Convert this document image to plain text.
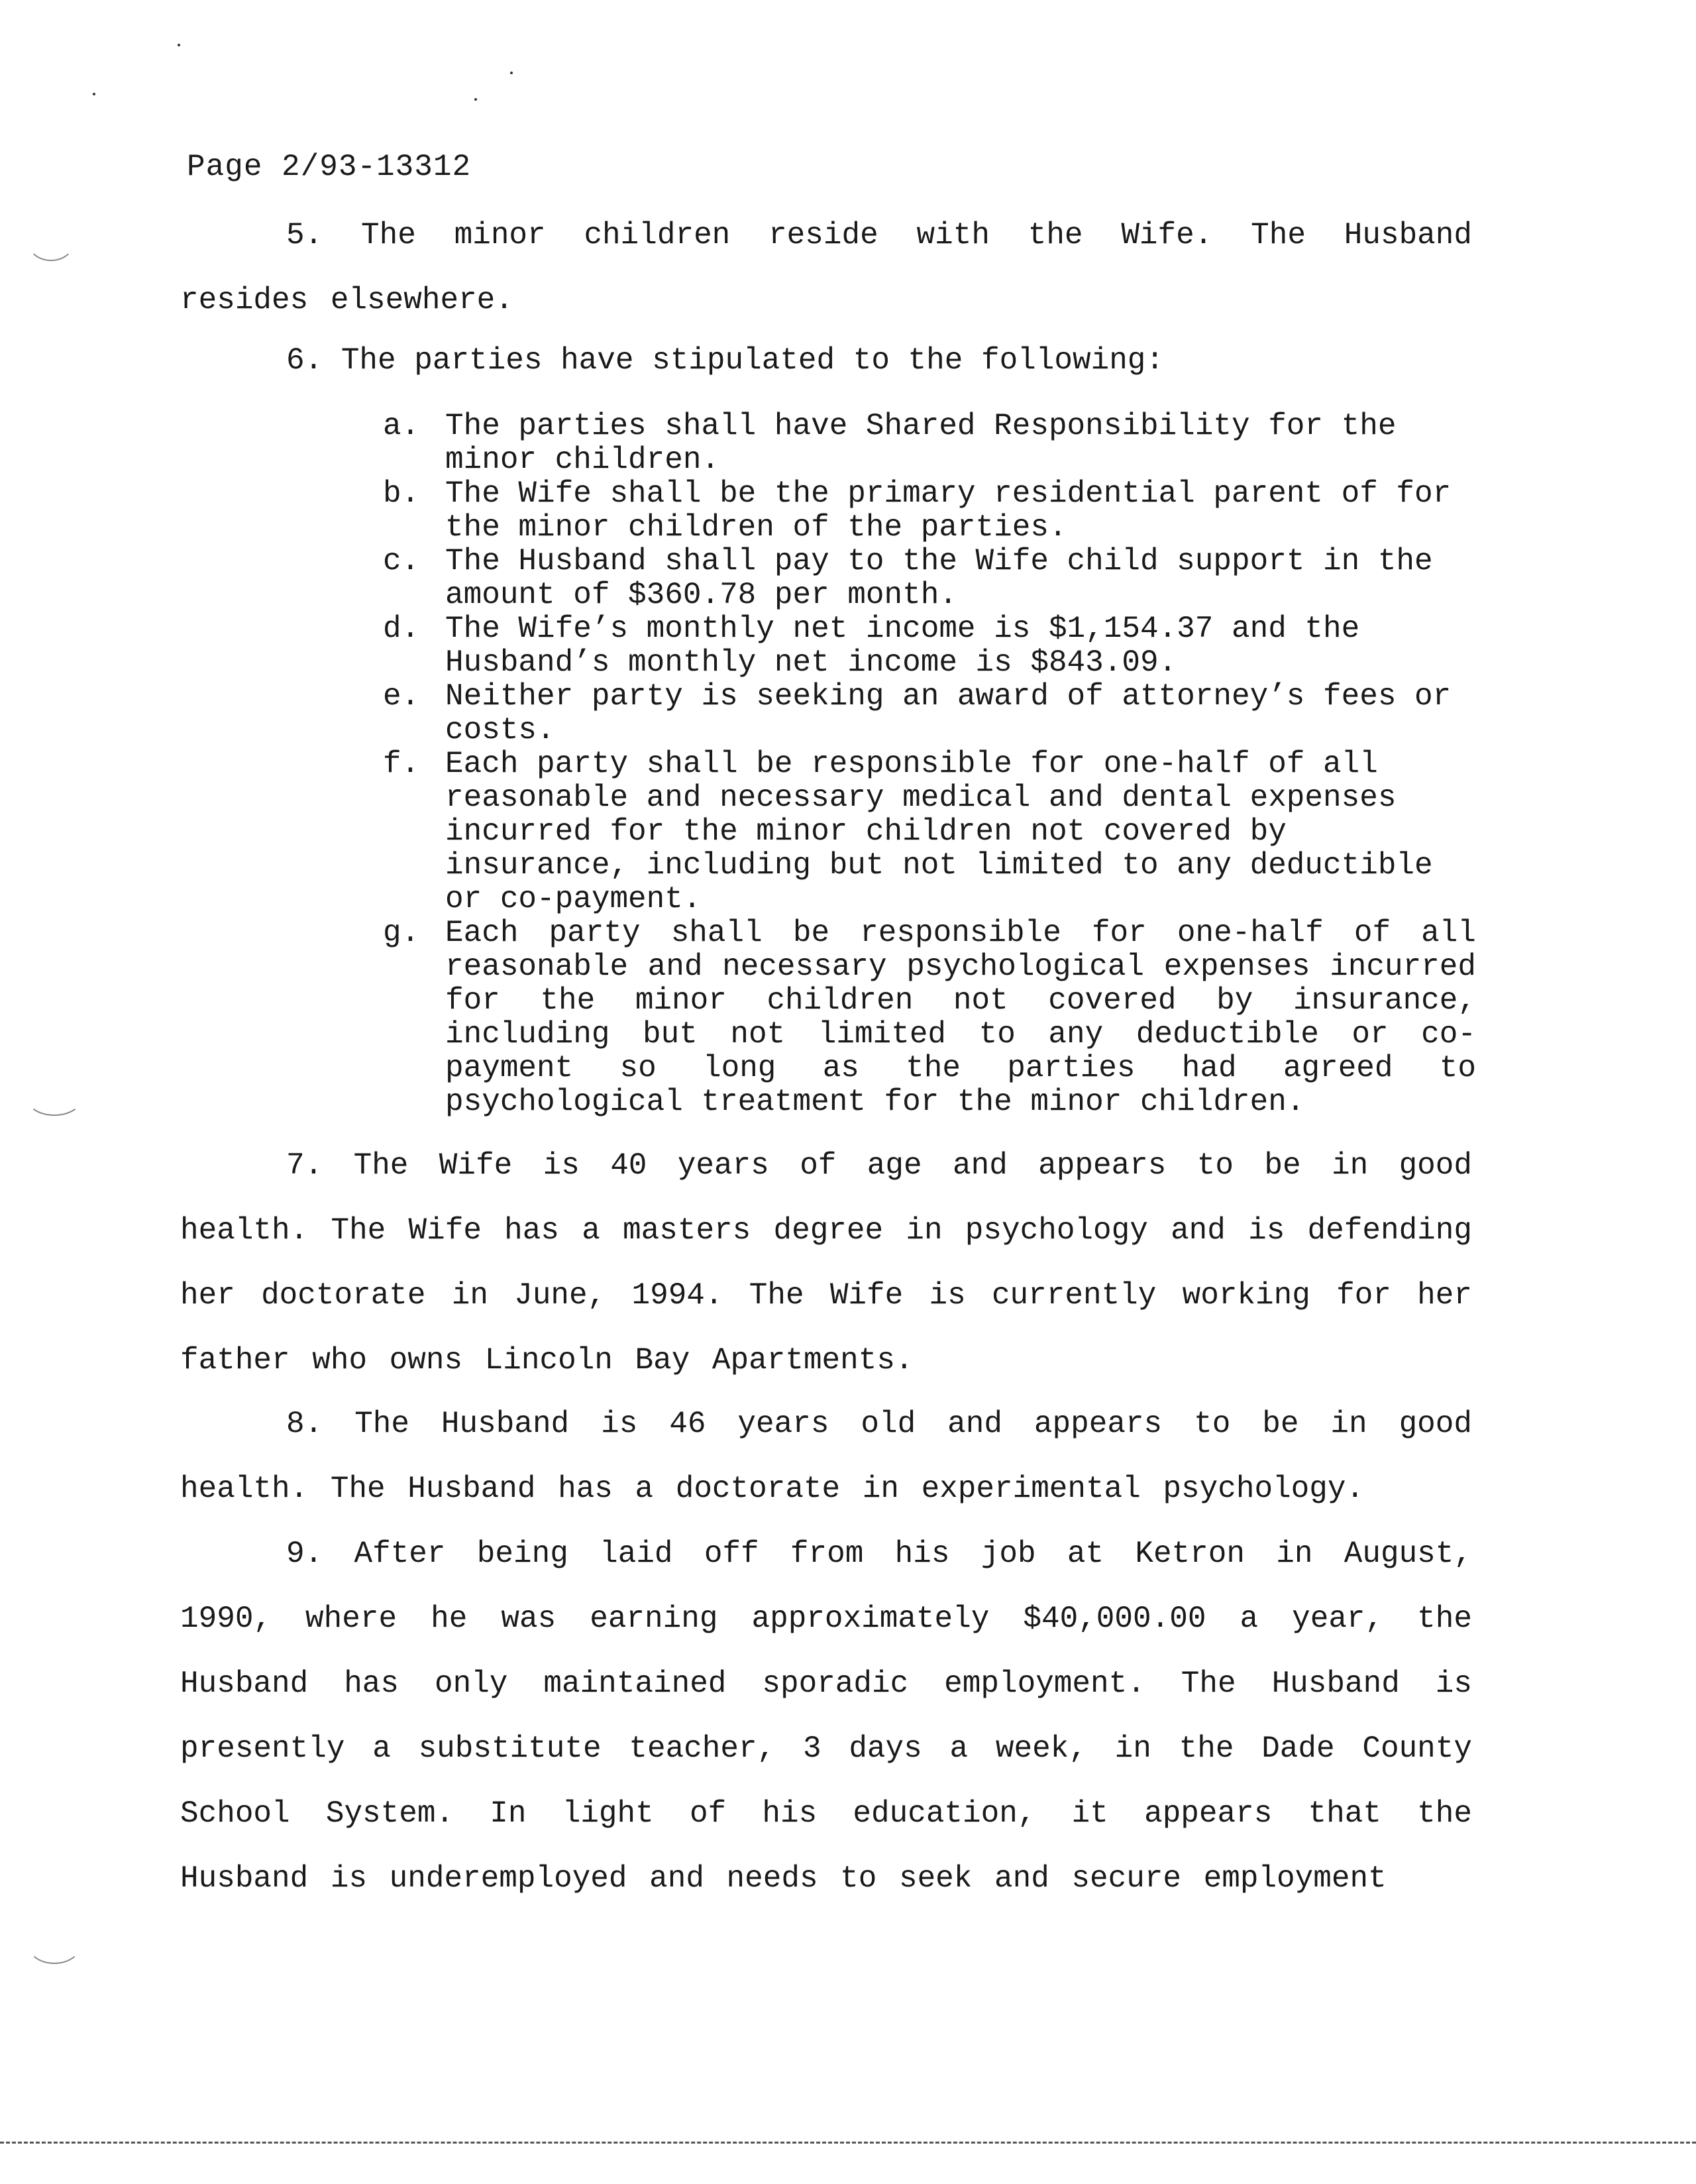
Page 2/93-13312

5. The minor children reside with the Wife. The Husband resides elsewhere.

6. The parties have stipulated to the following:

a. The parties shall have Shared Responsibility for the minor children.
b. The Wife shall be the primary residential parent of for the minor children of the parties.
c. The Husband shall pay to the Wife child support in the amount of $360.78 per month.
d. The Wife’s monthly net income is $1,154.37 and the Husband’s monthly net income is $843.09.
e. Neither party is seeking an award of attorney’s fees or costs.
f. Each party shall be responsible for one-half of all reasonable and necessary medical and dental expenses incurred for the minor children not covered by insurance, including but not limited to any deductible or co-payment.
g. Each party shall be responsible for one-half of all reasonable and necessary psychological expenses incurred for the minor children not covered by insurance, including but not limited to any deductible or co-payment so long as the parties had agreed to psychological treatment for the minor children.

7. The Wife is 40 years of age and appears to be in good health. The Wife has a masters degree in psychology and is defending her doctorate in June, 1994. The Wife is currently working for her father who owns Lincoln Bay Apartments.

8. The Husband is 46 years old and appears to be in good health. The Husband has a doctorate in experimental psychology.

9. After being laid off from his job at Ketron in August, 1990, where he was earning approximately $40,000.00 a year, the Husband has only maintained sporadic employment. The Husband is presently a substitute teacher, 3 days a week, in the Dade County School System. In light of his education, it appears that the Husband is underemployed and needs to seek and secure employment
